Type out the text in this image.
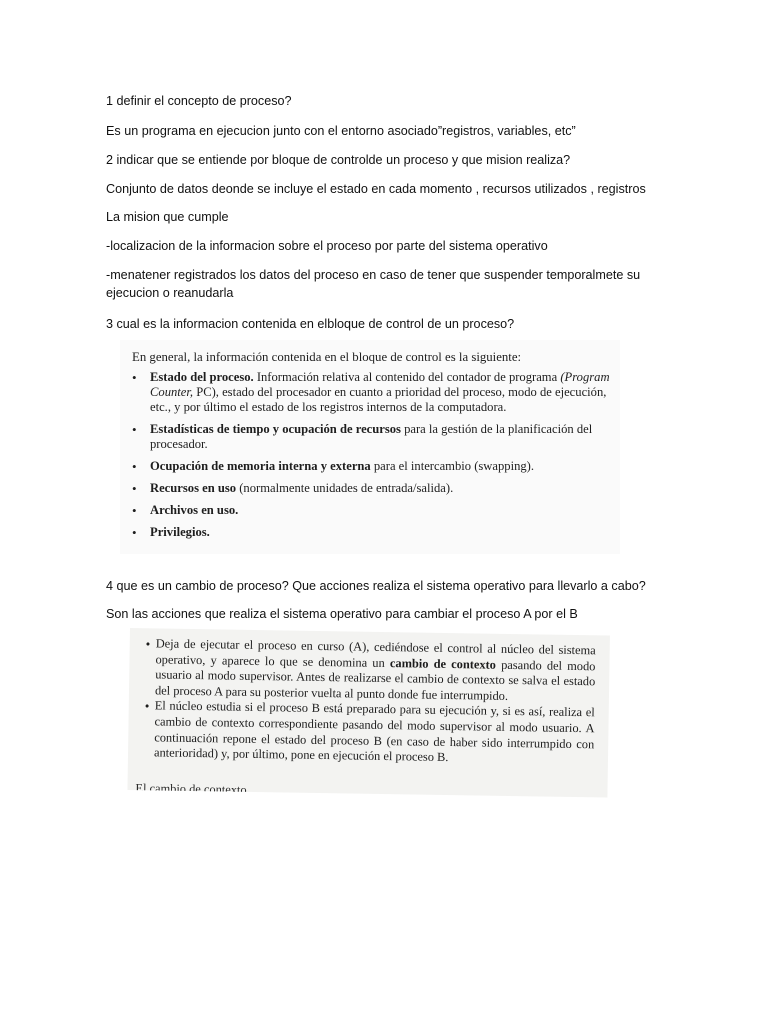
1 definir el concepto de proceso?

Es un programa en ejecucion junto con el entorno asociado”registros, variables, etc”

2 indicar que se entiende por bloque de controlde un proceso y que mision realiza?

Conjunto de datos deonde se incluye el estado en cada momento , recursos utilizados , registros

La mision que cumple

-localizacion de la informacion sobre el proceso por parte del sistema operativo

-menatener registrados los datos del proceso en caso de tener que suspender temporalmete su ejecucion o reanudarla

3 cual es la informacion contenida en elbloque de control de un proceso?

En general, la información contenida en el bloque de control es la siguiente:

• Estado del proceso. Información relativa al contenido del contador de programa (Program Counter, PC), estado del procesador en cuanto a prioridad del proceso, modo de ejecución, etc., y por último el estado de los registros internos de la computadora.
• Estadísticas de tiempo y ocupación de recursos para la gestión de la planificación del procesador.
• Ocupación de memoria interna y externa para el intercambio (swapping).
• Recursos en uso (normalmente unidades de entrada/salida).
• Archivos en uso.
• Privilegios.

4 que es un cambio de proceso? Que acciones realiza el sistema operativo para llevarlo a cabo?

Son las acciones que realiza el sistema operativo para cambiar el proceso A por el B

• Deja de ejecutar el proceso en curso (A), cediéndose el control al núcleo del sistema operativo, y aparece lo que se denomina un cambio de contexto pasando del modo usuario al modo supervisor. Antes de realizarse el cambio de contexto se salva el estado del proceso A para su posterior vuelta al punto donde fue interrumpido.

• El núcleo estudia si el proceso B está preparado para su ejecución y, si es así, realiza el cambio de contexto correspondiente pasando del modo supervisor al modo usuario. A continuación repone el estado del proceso B (en caso de haber sido interrumpido con anterioridad) y, por último, pone en ejecución el proceso B.

El cambio de contexto
